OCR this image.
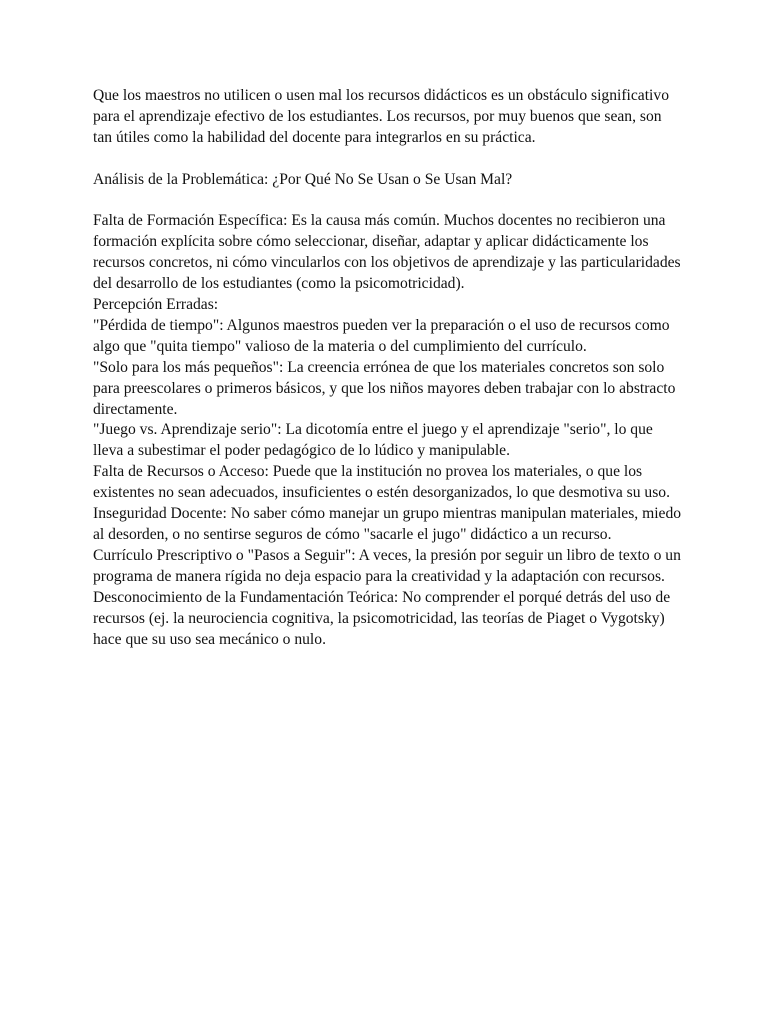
Que los maestros no utilicen o usen mal los recursos didácticos es un obstáculo significativo para el aprendizaje efectivo de los estudiantes. Los recursos, por muy buenos que sean, son tan útiles como la habilidad del docente para integrarlos en su práctica.

Análisis de la Problemática: ¿Por Qué No Se Usan o Se Usan Mal?

Falta de Formación Específica: Es la causa más común. Muchos docentes no recibieron una formación explícita sobre cómo seleccionar, diseñar, adaptar y aplicar didácticamente los recursos concretos, ni cómo vincularlos con los objetivos de aprendizaje y las particularidades del desarrollo de los estudiantes (como la psicomotricidad).

Percepción Erradas:

"Pérdida de tiempo": Algunos maestros pueden ver la preparación o el uso de recursos como algo que "quita tiempo" valioso de la materia o del cumplimiento del currículo.

"Solo para los más pequeños": La creencia errónea de que los materiales concretos son solo para preescolares o primeros básicos, y que los niños mayores deben trabajar con lo abstracto directamente.

"Juego vs. Aprendizaje serio": La dicotomía entre el juego y el aprendizaje "serio", lo que lleva a subestimar el poder pedagógico de lo lúdico y manipulable.

Falta de Recursos o Acceso: Puede que la institución no provea los materiales, o que los existentes no sean adecuados, insuficientes o estén desorganizados, lo que desmotiva su uso.

Inseguridad Docente: No saber cómo manejar un grupo mientras manipulan materiales, miedo al desorden, o no sentirse seguros de cómo "sacarle el jugo" didáctico a un recurso.

Currículo Prescriptivo o "Pasos a Seguir": A veces, la presión por seguir un libro de texto o un programa de manera rígida no deja espacio para la creatividad y la adaptación con recursos.

Desconocimiento de la Fundamentación Teórica: No comprender el porqué detrás del uso de recursos (ej. la neurociencia cognitiva, la psicomotricidad, las teorías de Piaget o Vygotsky) hace que su uso sea mecánico o nulo.
